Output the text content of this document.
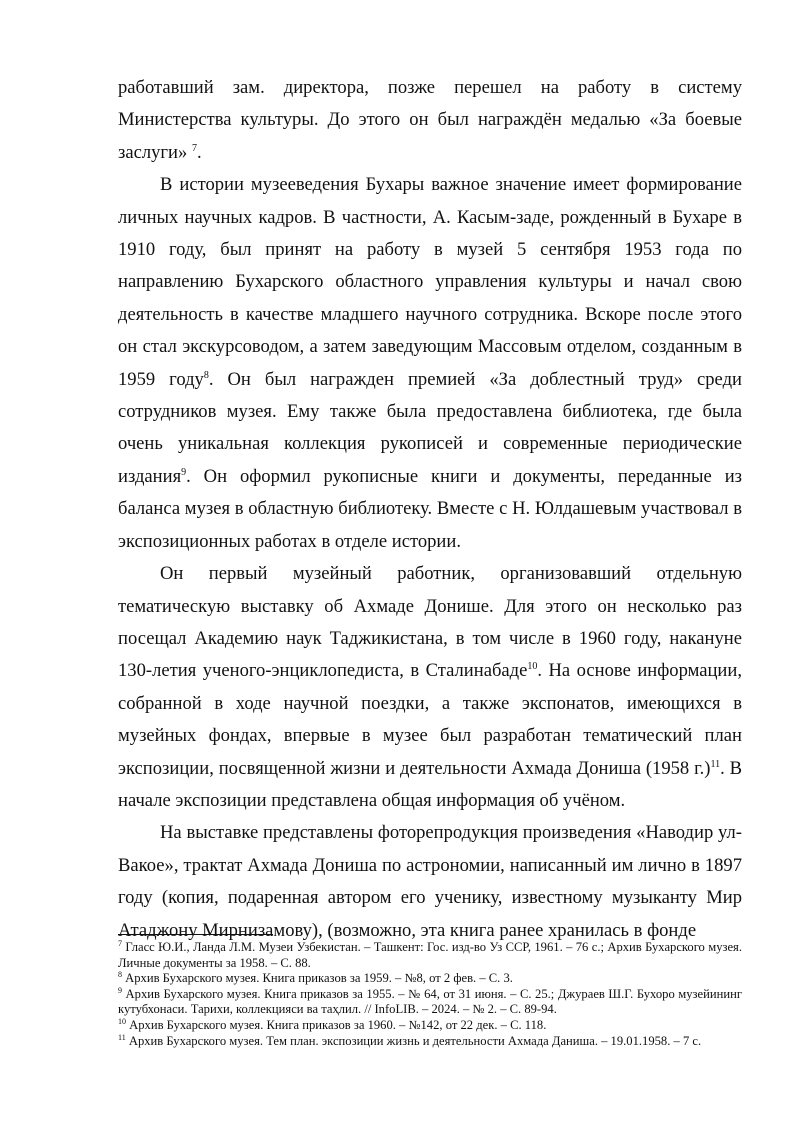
работавший зам. директора, позже перешел на работу в систему Министерства культуры. До этого он был награждён медалью «За боевые заслуги» $^7$.

В истории музееведения Бухары важное значение имеет формирование личных научных кадров. В частности, А. Касым-заде, рожденный в Бухаре в 1910 году, был принят на работу в музей 5 сентября 1953 года по направлению Бухарского областного управления культуры и начал свою деятельность в качестве младшего научного сотрудника. Вскоре после этого он стал экскурсоводом, а затем заведующим Массовым отделом, созданным в 1959 году$^8$. Он был награжден премией «За доблестный труд» среди сотрудников музея. Ему также была предоставлена библиотека, где была очень уникальная коллекция рукописей и современные периодические издания$^9$. Он оформил рукописные книги и документы, переданные из баланса музея в областную библиотеку. Вместе с Н. Юлдашевым участвовал в экспозиционных работах в отделе истории.

Он первый музейный работник, организовавший отдельную тематическую выставку об Ахмаде Донише. Для этого он несколько раз посещал Академию наук Таджикистана, в том числе в 1960 году, накануне 130-летия ученого-энциклопедиста, в Сталинабаде$^{10}$. На основе информации, собранной в ходе научной поездки, а также экспонатов, имеющихся в музейных фондах, впервые в музее был разработан тематический план экспозиции, посвященной жизни и деятельности Ахмада Дониша (1958 г.)$^{11}$. В начале экспозиции представлена общая информация об учёном.

На выставке представлены фоторепродукция произведения «Наводир ул-Вакое», трактат Ахмада Дониша по астрономии, написанный им лично в 1897 году (копия, подаренная автором его ученику, известному музыканту Мир Атаджону Мирнизамову), (возможно, эта книга ранее хранилась в фонде

$^7$ Гласс Ю.И., Ланда Л.М. Музеи Узбекистан. – Ташкент: Гос. изд-во Уз ССР, 1961. – 76 с.; Архив Бухарского музея. Личные документы за 1958. – С. 88.

$^8$ Архив Бухарского музея. Книга приказов за 1959. – №8, от 2 фев. – С. 3.

$^9$ Архив Бухарского музея. Книга приказов за 1955. – № 64, от 31 июня. – С. 25.; Джураев Ш.Г. Бухоро музейининг кутубхонаси. Тарихи, коллекцияси ва таҳлил. // InfoLIB. – 2024. – № 2. – С. 89-94.

$^{10}$ Архив Бухарского музея. Книга приказов за 1960. – №142, от 22 дек. – С. 118.

$^{11}$ Архив Бухарского музея. Тем план. экспозиции жизнь и деятельности Ахмада Даниша. – 19.01.1958. – 7 с.
